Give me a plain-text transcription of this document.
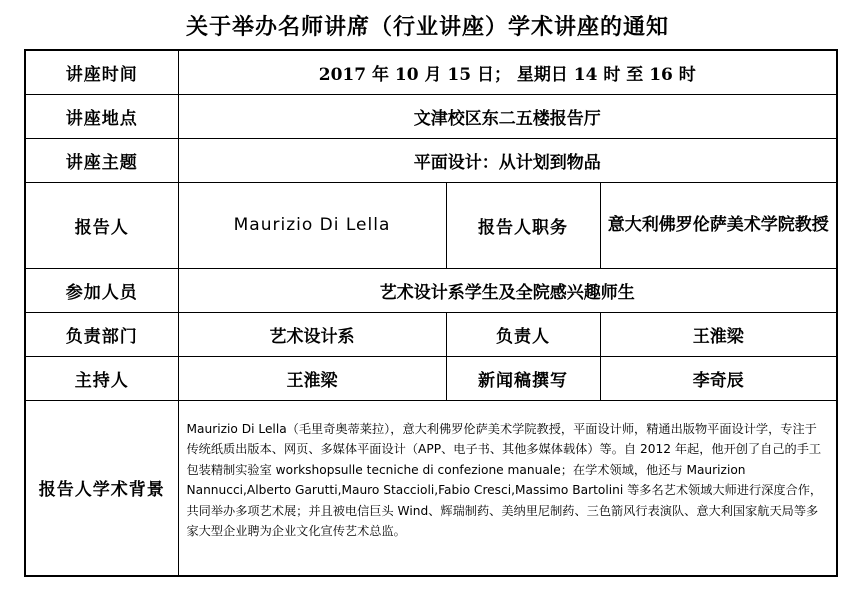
关于举办名师讲席（行业讲座）学术讲座的通知
讲座时间	2017 年 10 月 15 日； 星期日 14 时 至 16 时		
讲座地点	文津校区东二五楼报告厅		
讲座主题	平面设计：从计划到物品		
报告人	Maurizio Di Lella	报告人职务	意大利佛罗伦萨美术学院教授
参加人员	艺术设计系学生及全院感兴趣师生		
负责部门	艺术设计系	负责人	王淮梁
主持人	王淮梁	新闻稿撰写	李奇辰
报告人学术背景	Maurizio Di Lella（毛里奇奥蒂莱拉），意大利佛罗伦萨美术学院教授，平面设计师，精通出版物平面设计学，专注于传统纸质出版本、网页、多媒体平面设计（APP、电子书、其他多媒体载体）等。自 2012 年起，他开创了自己的手工包装精制实验室 workshopsulle tecniche di confezione manuale；在学术领域，他还与 Maurizion Nannucci,Alberto Garutti,Mauro Staccioli,Fabio Cresci,Massimo Bartolini 等多名艺术领域大师进行深度合作，共同举办多项艺术展；并且被电信巨头 Wind、辉瑞制药、美纳里尼制药、三色箭风行表演队、意大利国家航天局等多家大型企业聘为企业文化宣传艺术总监。		
